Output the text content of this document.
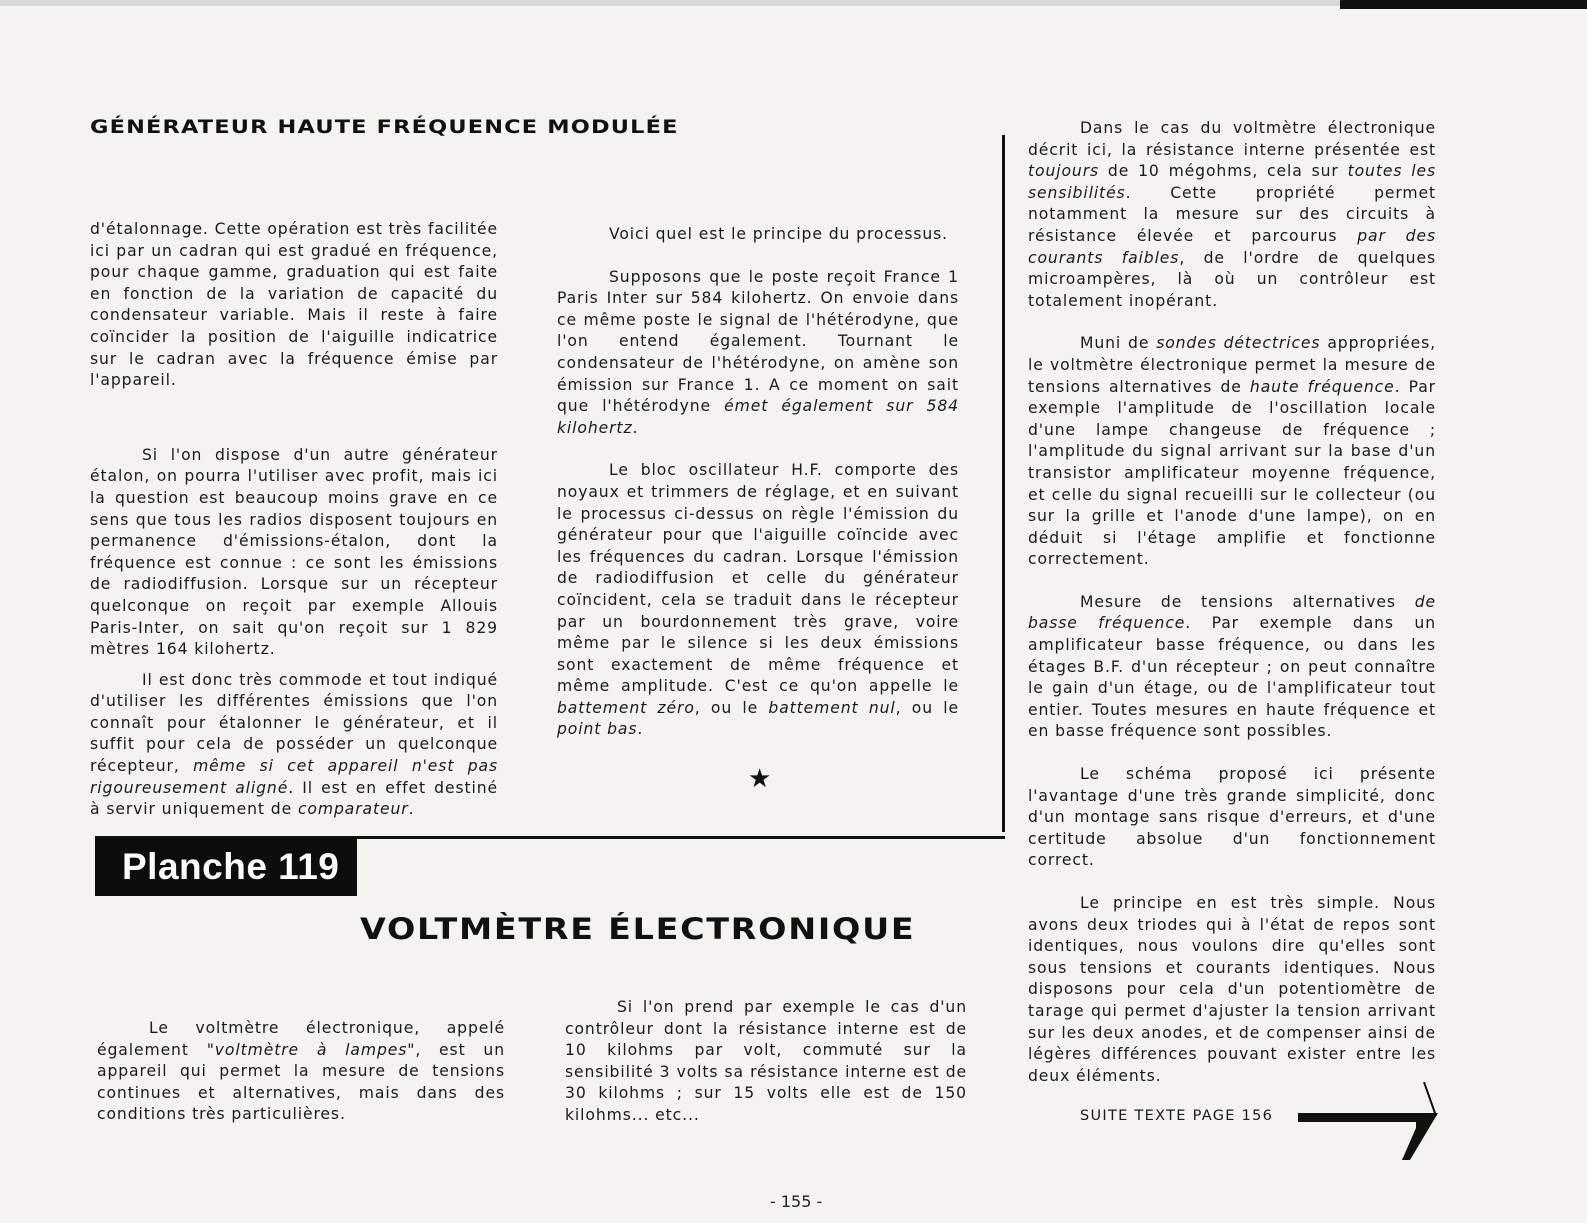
GÉNÉRATEUR HAUTE FRÉQUENCE MODULÉE

d'étalonnage. Cette opération est très facilitée ici par un cadran qui est gradué en fréquence, pour chaque gamme, graduation qui est faite en fonction de la variation de capacité du condensateur variable. Mais il reste à faire coïncider la position de l'aiguille indicatrice sur le cadran avec la fréquence émise par l'appareil.

Si l'on dispose d'un autre générateur étalon, on pourra l'utiliser avec profit, mais ici la question est beaucoup moins grave en ce sens que tous les radios disposent toujours en permanence d'émissions-étalon, dont la fréquence est connue : ce sont les émissions de radiodiffusion. Lorsque sur un récepteur quelconque on reçoit par exemple Allouis Paris-Inter, on sait qu'on reçoit sur 1 829 mètres 164 kilohertz.

Il est donc très commode et tout indiqué d'utiliser les différentes émissions que l'on connaît pour étalonner le générateur, et il suffit pour cela de posséder un quelconque récepteur, même si cet appareil n'est pas rigoureusement aligné. Il est en effet destiné à servir uniquement de comparateur.

Voici quel est le principe du processus.

Supposons que le poste reçoit France 1 Paris Inter sur 584 kilohertz. On envoie dans ce même poste le signal de l'hétérodyne, que l'on entend également. Tournant le condensateur de l'hétérodyne, on amène son émission sur France 1. A ce moment on sait que l'hétérodyne émet également sur 584 kilohertz.

Le bloc oscillateur H.F. comporte des noyaux et trimmers de réglage, et en suivant le processus ci-dessus on règle l'émission du générateur pour que l'aiguille coïncide avec les fréquences du cadran. Lorsque l'émission de radiodiffusion et celle du générateur coïncident, cela se traduit dans le récepteur par un bourdonnement très grave, voire même par le silence si les deux émissions sont exactement de même fréquence et même amplitude. C'est ce qu'on appelle le battement zéro, ou le battement nul, ou le point bas.

★

Dans le cas du voltmètre électronique décrit ici, la résistance interne présentée est toujours de 10 mégohms, cela sur toutes les sensibilités. Cette propriété permet notamment la mesure sur des circuits à résistance élevée et parcourus par des courants faibles, de l'ordre de quelques microampères, là où un contrôleur est totalement inopérant.

Muni de sondes détectrices appropriées, le voltmètre électronique permet la mesure de tensions alternatives de haute fréquence. Par exemple l'amplitude de l'oscillation locale d'une lampe changeuse de fréquence ; l'amplitude du signal arrivant sur la base d'un transistor amplificateur moyenne fréquence, et celle du signal recueilli sur le collecteur (ou sur la grille et l'anode d'une lampe), on en déduit si l'étage amplifie et fonctionne correctement.

Mesure de tensions alternatives de basse fréquence. Par exemple dans un amplificateur basse fréquence, ou dans les étages B.F. d'un récepteur ; on peut connaître le gain d'un étage, ou de l'amplificateur tout entier. Toutes mesures en haute fréquence et en basse fréquence sont possibles.

Le schéma proposé ici présente l'avantage d'une très grande simplicité, donc d'un montage sans risque d'erreurs, et d'une certitude absolue d'un fonctionnement correct.

Le principe en est très simple. Nous avons deux triodes qui à l'état de repos sont identiques, nous voulons dire qu'elles sont sous tensions et courants identiques. Nous disposons pour cela d'un potentiomètre de tarage qui permet d'ajuster la tension arrivant sur les deux anodes, et de compenser ainsi de légères différences pouvant exister entre les deux éléments.

Planche 119
VOLTMÈTRE ÉLECTRONIQUE

Le voltmètre électronique, appelé également "voltmètre à lampes", est un appareil qui permet la mesure de tensions continues et alternatives, mais dans des conditions très particulières.

Si l'on prend par exemple le cas d'un contrôleur dont la résistance interne est de 10 kilohms par volt, commuté sur la sensibilité 3 volts sa résistance interne est de 30 kilohms ; sur 15 volts elle est de 150 kilohms... etc...	SUITE TEXTE PAGE 156
- 155 -
